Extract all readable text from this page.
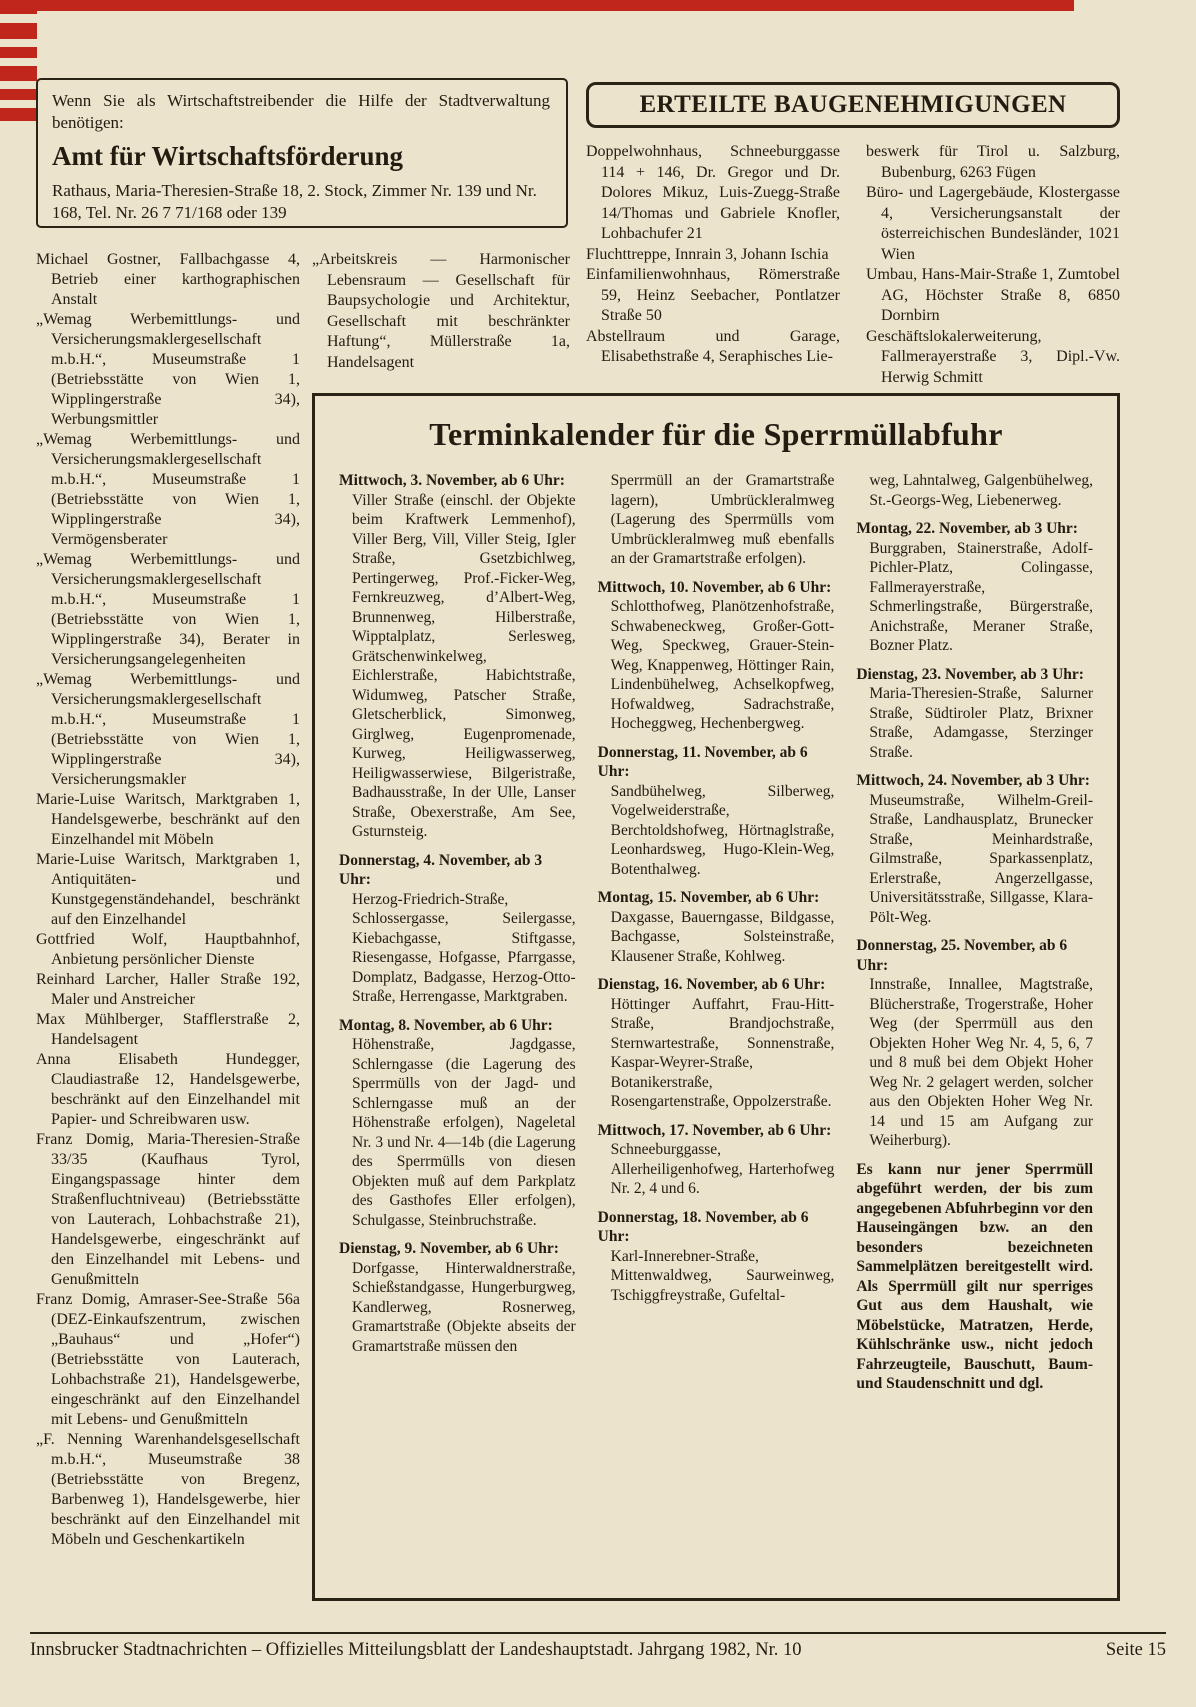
Wenn Sie als Wirtschaftstreibender die Hilfe der Stadtverwaltung benötigen:

Amt für Wirtschaftsförderung

Rathaus, Maria-Theresien-Straße 18, 2. Stock, Zimmer Nr. 139 und Nr. 168, Tel. Nr. 26 7 71/168 oder 139

ERTEILTE BAUGENEHMIGUNGEN

Doppelwohnhaus, Schneeburggasse 114 + 146, Dr. Gregor und Dr. Dolores Mikuz, Luis-Zuegg-Straße 14/Thomas und Gabriele Knofler, Lohbachufer 21

Fluchttreppe, Innrain 3, Johann Ischia

Einfamilienwohnhaus, Römerstraße 59, Heinz Seebacher, Pontlatzer Straße 50

Abstellraum und Garage, Elisabethstraße 4, Seraphisches Lie-

beswerk für Tirol u. Salzburg, Bubenburg, 6263 Fügen

Büro- und Lagergebäude, Klostergasse 4, Versicherungsanstalt der österreichischen Bundesländer, 1021 Wien

Umbau, Hans-Mair-Straße 1, Zumtobel AG, Höchster Straße 8, 6850 Dornbirn

Geschäftslokalerweiterung, Fallmerayerstraße 3, Dipl.-Vw. Herwig Schmitt

Michael Gostner, Fallbachgasse 4, Betrieb einer karthographischen Anstalt

„Wemag Werbemittlungs- und Versicherungsmaklergesellschaft m.b.H.“, Museumstraße 1 (Betriebsstätte von Wien 1, Wipplingerstraße 34), Werbungsmittler

„Wemag Werbemittlungs- und Versicherungsmaklergesellschaft m.b.H.“, Museumstraße 1 (Betriebsstätte von Wien 1, Wipplingerstraße 34), Vermögensberater

„Wemag Werbemittlungs- und Versicherungsmaklergesellschaft m.b.H.“, Museumstraße 1 (Betriebsstätte von Wien 1, Wipplingerstraße 34), Berater in Versicherungsangelegenheiten

„Wemag Werbemittlungs- und Versicherungsmaklergesellschaft m.b.H.“, Museumstraße 1 (Betriebsstätte von Wien 1, Wipplingerstraße 34), Versicherungsmakler

Marie-Luise Waritsch, Marktgraben 1, Handelsgewerbe, beschränkt auf den Einzelhandel mit Möbeln

Marie-Luise Waritsch, Marktgraben 1, Antiquitäten- und Kunstgegenständehandel, beschränkt auf den Einzelhandel

Gottfried Wolf, Hauptbahnhof, Anbietung persönlicher Dienste

Reinhard Larcher, Haller Straße 192, Maler und Anstreicher

Max Mühlberger, Stafflerstraße 2, Handelsagent

Anna Elisabeth Hundegger, Claudiastraße 12, Handelsgewerbe, beschränkt auf den Einzelhandel mit Papier- und Schreibwaren usw.

Franz Domig, Maria-Theresien-Straße 33/35 (Kaufhaus Tyrol, Eingangspassage hinter dem Straßenfluchtniveau) (Betriebsstätte von Lauterach, Lohbachstraße 21), Handelsgewerbe, eingeschränkt auf den Einzelhandel mit Lebens- und Genußmitteln

Franz Domig, Amraser-See-Straße 56a (DEZ-Einkaufszentrum, zwischen „Bauhaus“ und „Hofer“) (Betriebsstätte von Lauterach, Lohbachstraße 21), Handelsgewerbe, eingeschränkt auf den Einzelhandel mit Lebens- und Genußmitteln

„F. Nenning Warenhandelsgesellschaft m.b.H.“, Museumstraße 38 (Betriebsstätte von Bregenz, Barbenweg 1), Handelsgewerbe, hier beschränkt auf den Einzelhandel mit Möbeln und Geschenkartikeln

„Arbeitskreis — Harmonischer Lebensraum — Gesellschaft für Baupsychologie und Architektur, Gesellschaft mit beschränkter Haftung“, Müllerstraße 1a, Handelsagent

Terminkalender für die Sperrmüllabfuhr

Mittwoch, 3. November, ab 6 Uhr:

Viller Straße (einschl. der Objekte beim Kraftwerk Lemmenhof), Viller Berg, Vill, Viller Steig, Igler Straße, Gsetzbichlweg, Pertingerweg, Prof.-Ficker-Weg, Fernkreuzweg, d’Albert-Weg, Brunnenweg, Hilberstraße, Wipptalplatz, Serlesweg, Grätschenwinkelweg, Eichlerstraße, Habichtstraße, Widumweg, Patscher Straße, Gletscherblick, Simonweg, Girglweg, Eugenpromenade, Kurweg, Heiligwasserweg, Heiligwasserwiese, Bilgeristraße, Badhausstraße, In der Ulle, Lanser Straße, Obexerstraße, Am See, Gsturnsteig.

Donnerstag, 4. November, ab 3 Uhr:

Herzog-Friedrich-Straße, Schlossergasse, Seilergasse, Kiebachgasse, Stiftgasse, Riesengasse, Hofgasse, Pfarrgasse, Domplatz, Badgasse, Herzog-Otto-Straße, Herrengasse, Marktgraben.

Montag, 8. November, ab 6 Uhr:

Höhenstraße, Jagdgasse, Schlerngasse (die Lagerung des Sperrmülls von der Jagd- und Schlerngasse muß an der Höhenstraße erfolgen), Nageletal Nr. 3 und Nr. 4—14b (die Lagerung des Sperrmülls von diesen Objekten muß auf dem Parkplatz des Gasthofes Eller erfolgen), Schulgasse, Steinbruchstraße.

Dienstag, 9. November, ab 6 Uhr:

Dorfgasse, Hinterwaldnerstraße, Schießstandgasse, Hungerburgweg, Kandlerweg, Rosnerweg, Gramartstraße (Objekte abseits der Gramartstraße müssen den

Sperrmüll an der Gramartstraße lagern), Umbrückleralmweg (Lagerung des Sperrmülls vom Umbrückleralmweg muß ebenfalls an der Gramartstraße erfolgen).

Mittwoch, 10. November, ab 6 Uhr:

Schlotthofweg, Planötzenhofstraße, Schwabeneckweg, Großer-Gott-Weg, Speckweg, Grauer-Stein-Weg, Knappenweg, Höttinger Rain, Lindenbühelweg, Achselkopfweg, Hofwaldweg, Sadrachstraße, Hocheggweg, Hechenbergweg.

Donnerstag, 11. November, ab 6 Uhr:

Sandbühelweg, Silberweg, Vogelweiderstraße, Berchtoldshofweg, Hörtnaglstraße, Leonhardsweg, Hugo-Klein-Weg, Botenthalweg.

Montag, 15. November, ab 6 Uhr:

Daxgasse, Bauerngasse, Bildgasse, Bachgasse, Solsteinstraße, Klausener Straße, Kohlweg.

Dienstag, 16. November, ab 6 Uhr:

Höttinger Auffahrt, Frau-Hitt-Straße, Brandjochstraße, Sternwartestraße, Sonnenstraße, Kaspar-Weyrer-Straße, Botanikerstraße, Rosengartenstraße, Oppolzerstraße.

Mittwoch, 17. November, ab 6 Uhr:

Schneeburggasse, Allerheiligenhofweg, Harterhofweg Nr. 2, 4 und 6.

Donnerstag, 18. November, ab 6 Uhr:

Karl-Innerebner-Straße, Mittenwaldweg, Saurweinweg, Tschiggfreystraße, Gufeltal-

weg, Lahntalweg, Galgenbühelweg, St.-Georgs-Weg, Liebenerweg.

Montag, 22. November, ab 3 Uhr:

Burggraben, Stainerstraße, Adolf-Pichler-Platz, Colingasse, Fallmerayerstraße, Schmerlingstraße, Bürgerstraße, Anichstraße, Meraner Straße, Bozner Platz.

Dienstag, 23. November, ab 3 Uhr:

Maria-Theresien-Straße, Salurner Straße, Südtiroler Platz, Brixner Straße, Adamgasse, Sterzinger Straße.

Mittwoch, 24. November, ab 3 Uhr:

Museumstraße, Wilhelm-Greil-Straße, Landhausplatz, Brunecker Straße, Meinhardstraße, Gilmstraße, Sparkassenplatz, Erlerstraße, Angerzellgasse, Universitätsstraße, Sillgasse, Klara-Pölt-Weg.

Donnerstag, 25. November, ab 6 Uhr:

Innstraße, Innallee, Magtstraße, Blücherstraße, Trogerstraße, Hoher Weg (der Sperrmüll aus den Objekten Hoher Weg Nr. 4, 5, 6, 7 und 8 muß bei dem Objekt Hoher Weg Nr. 2 gelagert werden, solcher aus den Objekten Hoher Weg Nr. 14 und 15 am Aufgang zur Weiherburg).

Es kann nur jener Sperrmüll abgeführt werden, der bis zum angegebenen Abfuhrbeginn vor den Hauseingängen bzw. an den besonders bezeichneten Sammelplätzen bereitgestellt wird. Als Sperrmüll gilt nur sperriges Gut aus dem Haushalt, wie Möbelstücke, Matratzen, Herde, Kühlschränke usw., nicht jedoch Fahrzeugteile, Bauschutt, Baum- und Staudenschnitt und dgl.

Innsbrucker Stadtnachrichten – Offizielles Mitteilungsblatt der Landeshauptstadt. Jahrgang 1982, Nr. 10	Seite 15
